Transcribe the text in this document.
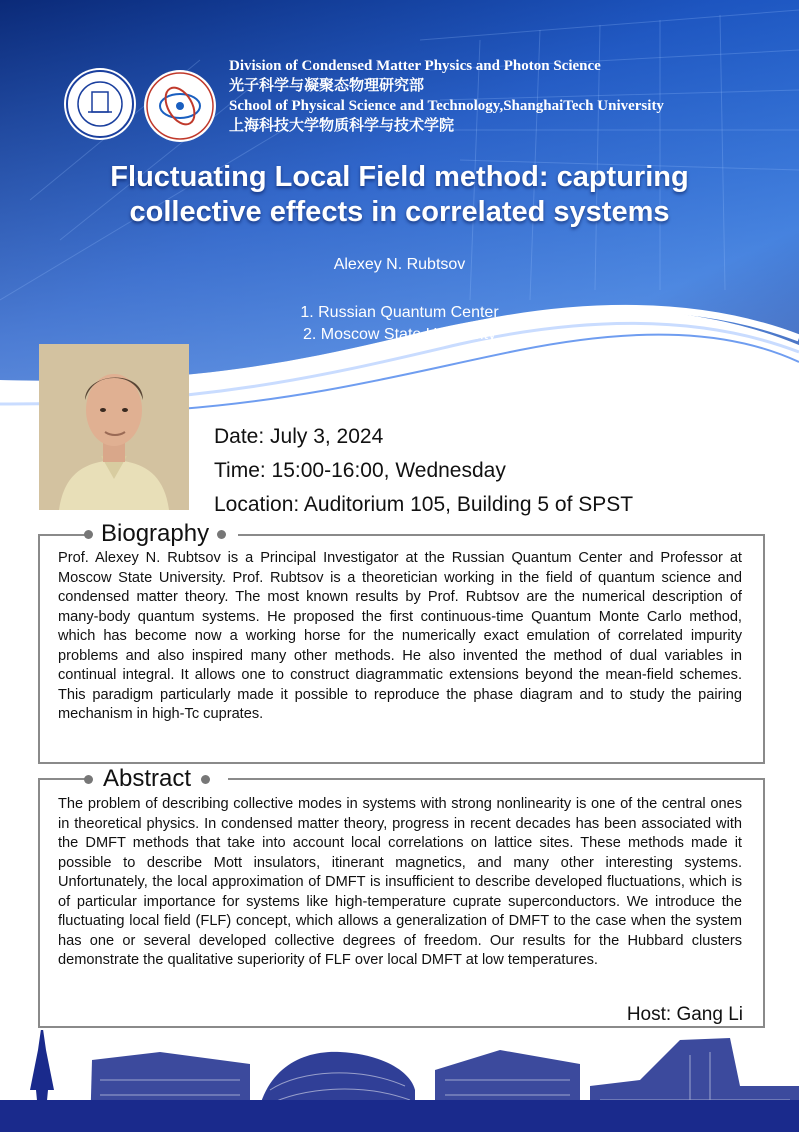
Division of Condensed Matter Physics and Photon Science
光子科学与凝聚态物理研究部
School of Physical Science and Technology,ShanghaiTech University
上海科技大学物质科学与技术学院
Fluctuating Local Field method: capturing
collective effects in correlated systems
Alexey N. Rubtsov
1. Russian Quantum Center
2. Moscow State University
Date: July 3, 2024
Time: 15:00-16:00, Wednesday
Location: Auditorium 105, Building 5 of SPST
Biography
Prof. Alexey N. Rubtsov is a Principal Investigator at the Russian Quantum Center and Professor at Moscow State University. Prof. Rubtsov is a theoretician working in the field of quantum science and condensed matter theory. The most known results by Prof. Rubtsov are the numerical description of many-body quantum systems. He proposed the first continuous-time Quantum Monte Carlo method, which has become now a working horse for the numerically exact emulation of correlated impurity problems and also inspired many other methods. He also invented the method of dual variables in continual integral. It allows one to construct diagrammatic extensions beyond the mean-field schemes. This paradigm particularly made it possible to reproduce the phase diagram and to study the pairing mechanism in high-Tc cuprates.
Abstract
The problem of describing collective modes in systems with strong nonlinearity is one of the central ones in theoretical physics. In condensed matter theory, progress in recent decades has been associated with the DMFT methods that take into account local correlations on lattice sites. These methods made it possible to describe Mott insulators, itinerant magnetics, and many other interesting systems. Unfortunately, the local approximation of DMFT is insufficient to describe developed fluctuations, which is of particular importance for systems like high-temperature cuprate superconductors. We introduce the fluctuating local field (FLF) concept, which allows a generalization of DMFT to the case when the system has one or several developed collective degrees of freedom. Our results for the Hubbard clusters demonstrate the qualitative superiority of FLF over local DMFT at low temperatures.
Host: Gang Li
